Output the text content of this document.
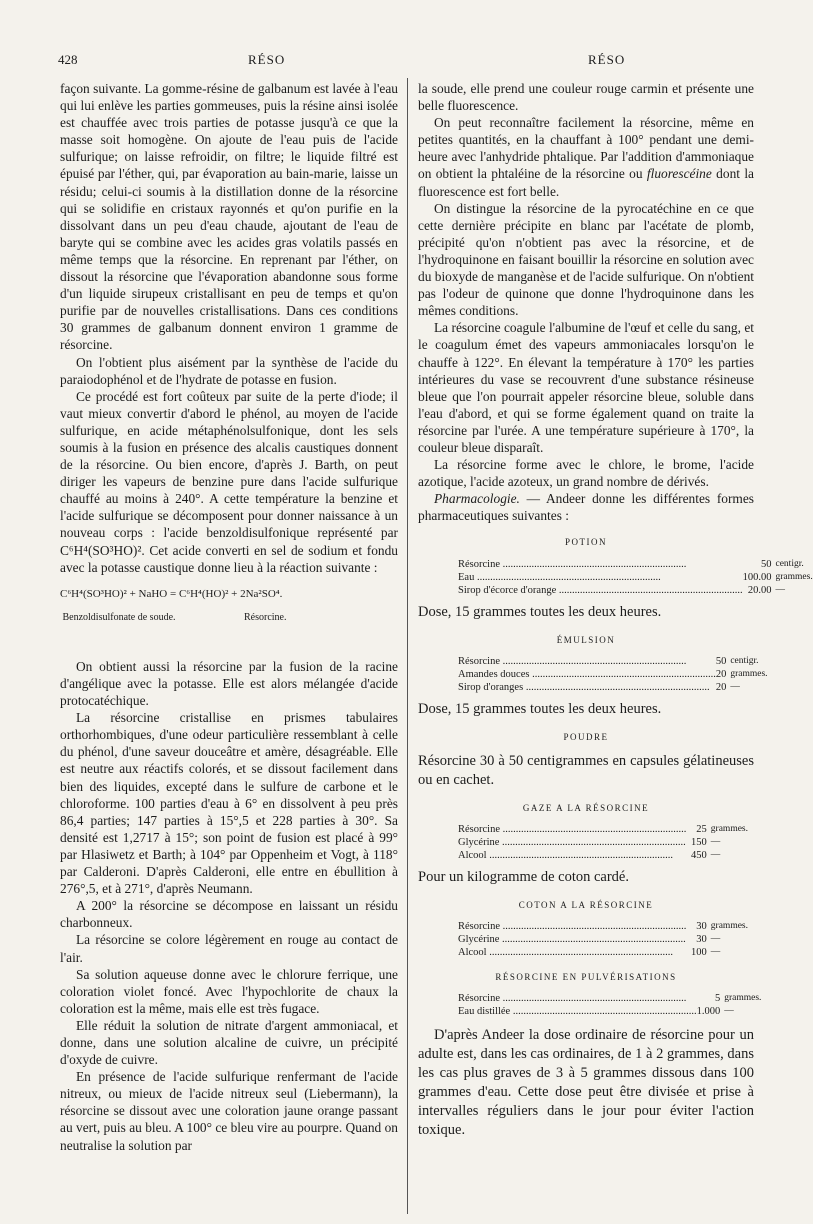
428	RÉSO	RÉSO

façon suivante. La gomme-résine de galbanum est lavée à l'eau qui lui enlève les parties gommeuses, puis la résine ainsi isolée est chauffée avec trois parties de potasse jusqu'à ce que la masse soit homogène. On ajoute de l'eau puis de l'acide sulfurique; on laisse refroidir, on filtre; le liquide filtré est épuisé par l'éther, qui, par évaporation au bain-marie, laisse un résidu; celui-ci soumis à la distillation donne de la résorcine qui se solidifie en cristaux rayonnés et qu'on purifie en la dissolvant dans un peu d'eau chaude, ajoutant de l'eau de baryte qui se combine avec les acides gras volatils passés en même temps que la résorcine. En reprenant par l'éther, on dissout la résorcine que l'évaporation abandonne sous forme d'un liquide sirupeux cristallisant en peu de temps et qu'on purifie par de nouvelles cristallisations. Dans ces conditions 30 grammes de galbanum donnent environ 1 gramme de résorcine.

On l'obtient plus aisément par la synthèse de l'acide du paraiodophénol et de l'hydrate de potasse en fusion.

Ce procédé est fort coûteux par suite de la perte d'iode; il vaut mieux convertir d'abord le phénol, au moyen de l'acide sulfurique, en acide métaphénolsulfonique, dont les sels soumis à la fusion en présence des alcalis caustiques donnent de la résorcine. Ou bien encore, d'après J. Barth, on peut diriger les vapeurs de benzine pure dans l'acide sulfurique chauffé au moins à 240°. A cette température la benzine et l'acide sulfurique se décomposent pour donner naissance à un nouveau corps : l'acide benzoldisulfonique représenté par C⁶H⁴(SO³HO)². Cet acide converti en sel de sodium et fondu avec la potasse caustique donne lieu à la réaction suivante :

C⁶H⁴(SO³HO)² + NaHO = C⁶H⁴(HO)² + 2Na²SO⁴.
Benzoldisulfonate de soude.	Résorcine.

On obtient aussi la résorcine par la fusion de la racine d'angélique avec la potasse. Elle est alors mélangée d'acide protocatéchique.

La résorcine cristallise en prismes tabulaires orthorhombiques, d'une odeur particulière ressemblant à celle du phénol, d'une saveur douceâtre et amère, désagréable. Elle est neutre aux réactifs colorés, et se dissout facilement dans bien des liquides, excepté dans le sulfure de carbone et le chloroforme. 100 parties d'eau à 6° en dissolvent à peu près 86,4 parties; 147 parties à 15°,5 et 228 parties à 30°. Sa densité est 1,2717 à 15°; son point de fusion est placé à 99° par Hlasiwetz et Barth; à 104° par Oppenheim et Vogt, à 118° par Calderoni. D'après Calderoni, elle entre en ébullition à 276°,5, et à 271°, d'après Neumann.

A 200° la résorcine se décompose en laissant un résidu charbonneux.

La résorcine se colore légèrement en rouge au contact de l'air.

Sa solution aqueuse donne avec le chlorure ferrique, une coloration violet foncé. Avec l'hypochlorite de chaux la coloration est la même, mais elle est très fugace.

Elle réduit la solution de nitrate d'argent ammoniacal, et donne, dans une solution alcaline de cuivre, un précipité d'oxyde de cuivre.

En présence de l'acide sulfurique renfermant de l'acide nitreux, ou mieux de l'acide nitreux seul (Liebermann), la résorcine se dissout avec une coloration jaune orange passant au vert, puis au bleu. A 100° ce bleu vire au pourpre. Quand on neutralise la solution par

la soude, elle prend une couleur rouge carmin et présente une belle fluorescence.

On peut reconnaître facilement la résorcine, même en petites quantités, en la chauffant à 100° pendant une demi-heure avec l'anhydride phtalique. Par l'addition d'ammoniaque on obtient la phtaléine de la résorcine ou fluorescéine dont la fluorescence est fort belle.

On distingue la résorcine de la pyrocatéchine en ce que cette dernière précipite en blanc par l'acétate de plomb, précipité qu'on n'obtient pas avec la résorcine, et de l'hydroquinone en faisant bouillir la résorcine en solution avec du bioxyde de manganèse et de l'acide sulfurique. On n'obtient pas l'odeur de quinone que donne l'hydroquinone dans les mêmes conditions.

La résorcine coagule l'albumine de l'œuf et celle du sang, et le coagulum émet des vapeurs ammoniacales lorsqu'on le chauffe à 122°. En élevant la température à 170° les parties intérieures du vase se recouvrent d'une substance résineuse bleue que l'on pourrait appeler résorcine bleue, soluble dans l'eau d'abord, et qui se forme également quand on traite la résorcine par l'urée. A une température supérieure à 170°, la couleur bleue disparaît.

La résorcine forme avec le chlore, le brome, l'acide azotique, l'acide azoteux, un grand nombre de dérivés.

Pharmacologie. — Andeer donne les différentes formes pharmaceutiques suivantes :

POTION
Résorcine .....	50	centigr.
Eau .....	100.00	grammes.
Sirop d'écorce d'orange .....	20.00	—

Dose, 15 grammes toutes les deux heures.

ÉMULSION
Résorcine .....	50	centigr.
Amandes douces .....	20	grammes.
Sirop d'oranges .....	20	—

Dose, 15 grammes toutes les deux heures.

POUDRE

Résorcine 30 à 50 centigrammes en capsules gélatineuses ou en cachet.

GAZE A LA RÉSORCINE
Résorcine .....	25	grammes.
Glycérine .....	150	—
Alcool .....	450	—

Pour un kilogramme de coton cardé.

COTON A LA RÉSORCINE
Résorcine .....	30	grammes.
Glycérine .....	30	—
Alcool .....	100	—
RÉSORCINE EN PULVÉRISATIONS
Résorcine .....	5	grammes.
Eau distillée .....	1.000	—

D'après Andeer la dose ordinaire de résorcine pour un adulte est, dans les cas ordinaires, de 1 à 2 grammes, dans les cas plus graves de 3 à 5 grammes dissous dans 100 grammes d'eau. Cette dose peut être divisée et prise à intervalles réguliers dans le jour pour éviter l'action toxique.
